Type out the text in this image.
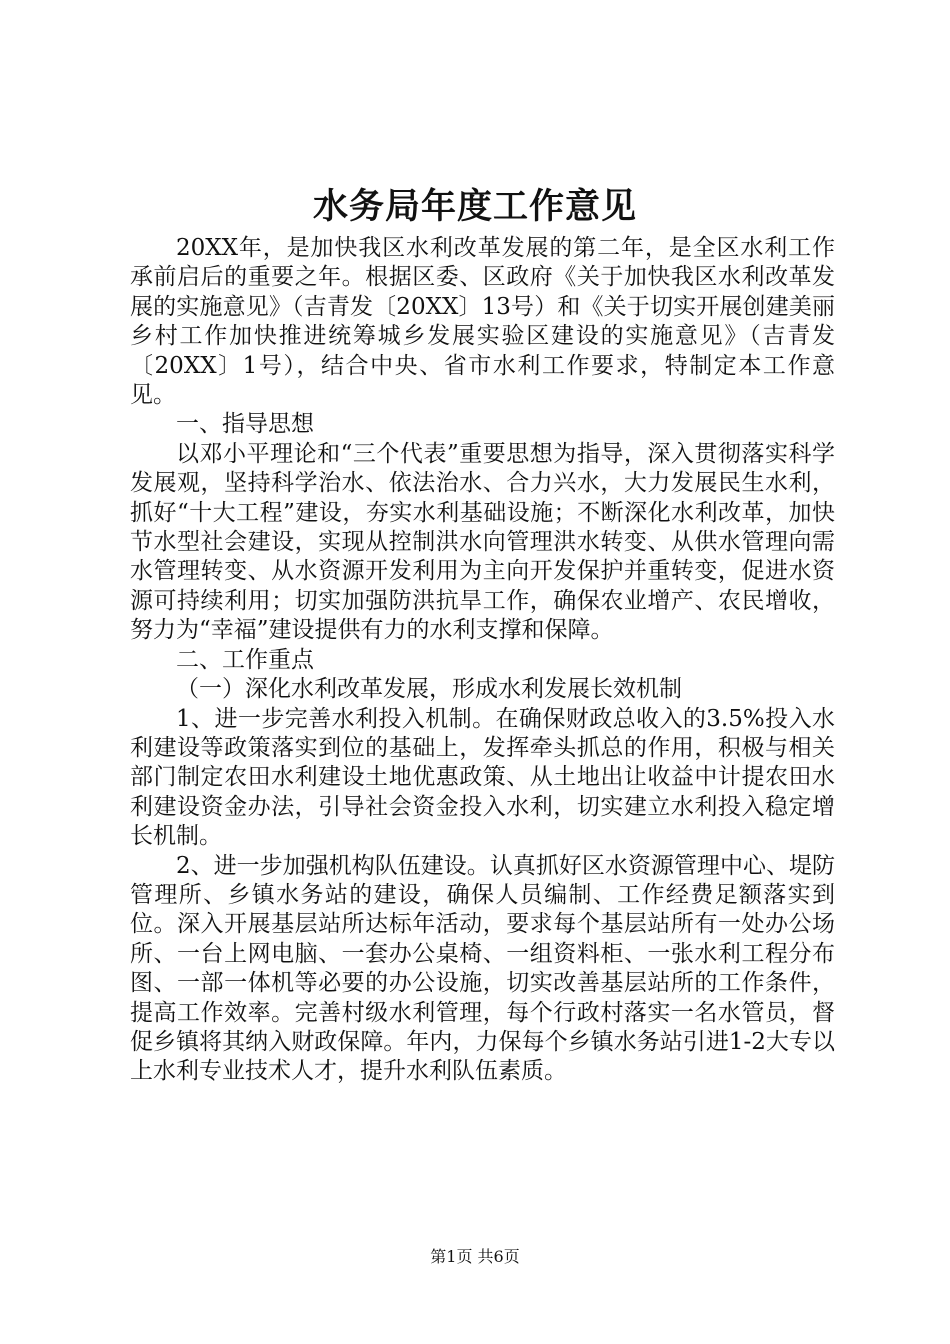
水务局年度工作意见

20XX年，是加快我区水利改革发展的第二年，是全区水利工作承前启后的重要之年。根据区委、区政府《关于加快我区水利改革发展的实施意见》（吉青发〔20XX〕13号）和《关于切实开展创建美丽乡村工作加快推进统筹城乡发展实验区建设的实施意见》（吉青发〔20XX〕1号），结合中央、省市水利工作要求，特制定本工作意见。

一、指导思想

以邓小平理论和“三个代表”重要思想为指导，深入贯彻落实科学发展观，坚持科学治水、依法治水、合力兴水，大力发展民生水利，抓好“十大工程”建设，夯实水利基础设施；不断深化水利改革，加快节水型社会建设，实现从控制洪水向管理洪水转变、从供水管理向需水管理转变、从水资源开发利用为主向开发保护并重转变，促进水资源可持续利用；切实加强防洪抗旱工作，确保农业增产、农民增收，努力为“幸福”建设提供有力的水利支撑和保障。

二、工作重点

（一）深化水利改革发展，形成水利发展长效机制

1、进一步完善水利投入机制。在确保财政总收入的3.5%投入水利建设等政策落实到位的基础上，发挥牵头抓总的作用，积极与相关部门制定农田水利建设土地优惠政策、从土地出让收益中计提农田水利建设资金办法，引导社会资金投入水利，切实建立水利投入稳定增长机制。

2、进一步加强机构队伍建设。认真抓好区水资源管理中心、堤防管理所、乡镇水务站的建设，确保人员编制、工作经费足额落实到位。深入开展基层站所达标年活动，要求每个基层站所有一处办公场所、一台上网电脑、一套办公桌椅、一组资料柜、一张水利工程分布图、一部一体机等必要的办公设施，切实改善基层站所的工作条件，提高工作效率。完善村级水利管理，每个行政村落实一名水管员，督促乡镇将其纳入财政保障。年内，力保每个乡镇水务站引进1-2大专以上水利专业技术人才，提升水利队伍素质。

第1页 共6页
